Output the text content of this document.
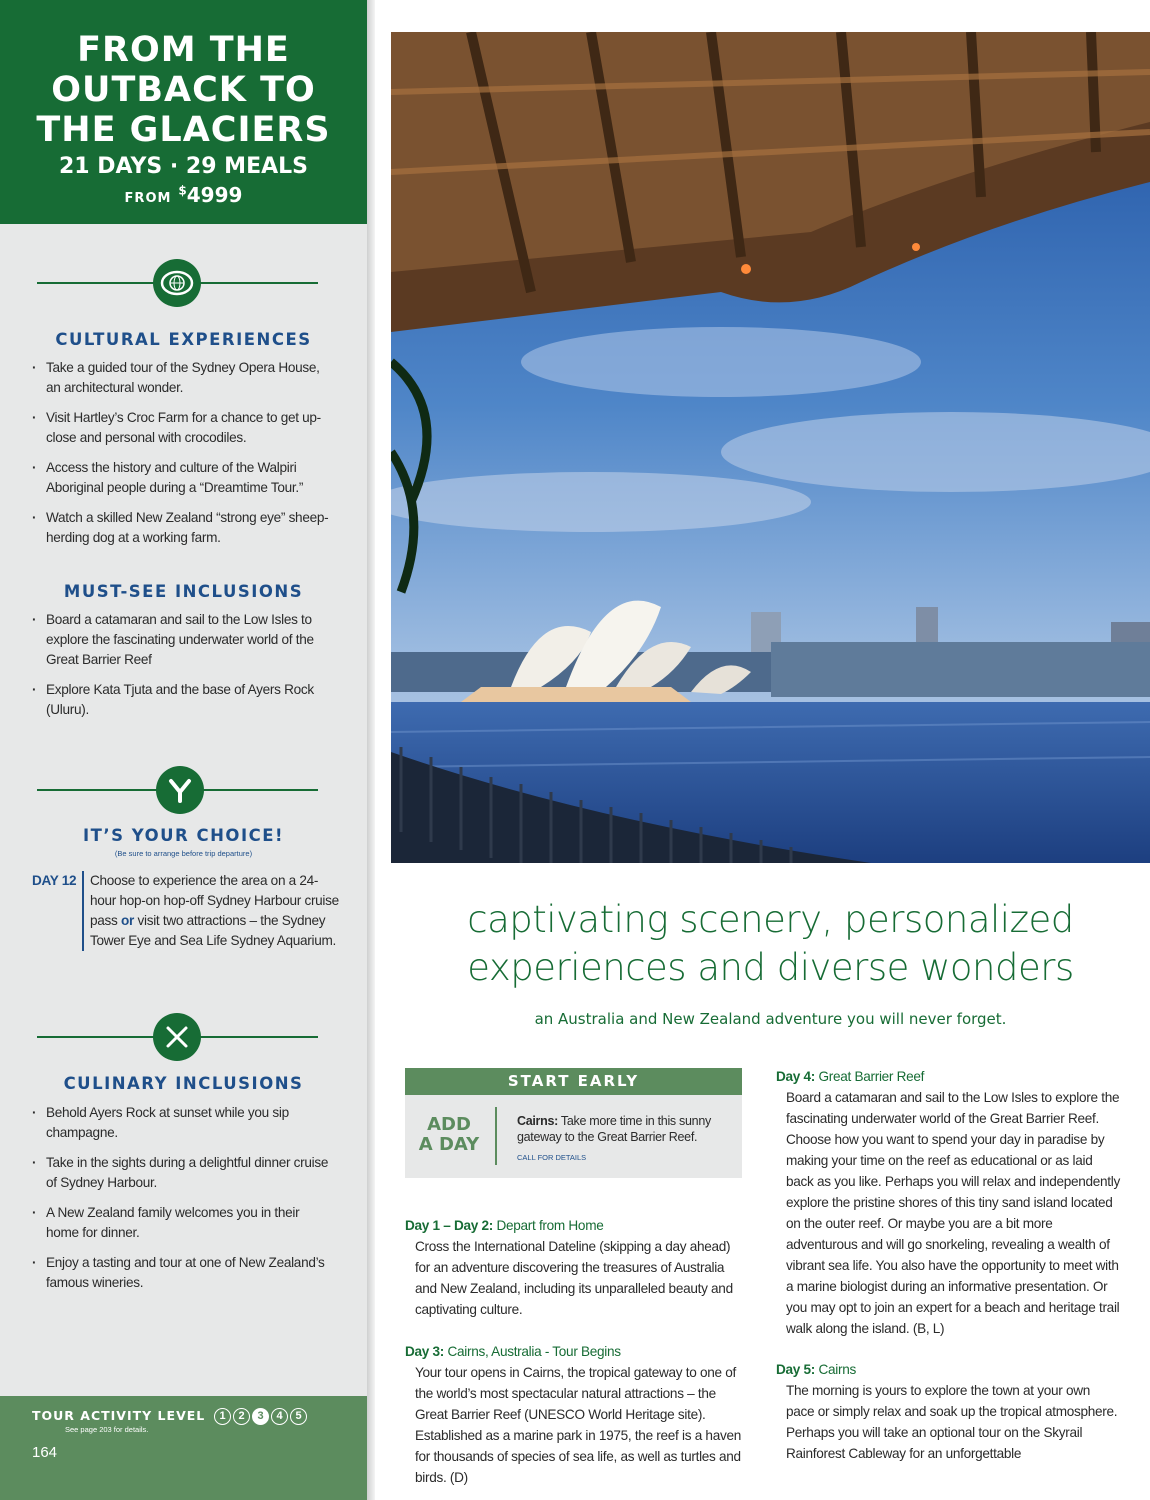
FROM THE
OUTBACK TO
THE GLACIERS
21 DAYS · 29 MEALS
FROM $4999
CULTURAL EXPERIENCES
· Take a guided tour of the Sydney Opera House, an architectural wonder.
· Visit Hartley’s Croc Farm for a chance to get up-close and personal with crocodiles.
· Access the history and culture of the Walpiri Aboriginal people during a “Dreamtime Tour.”
· Watch a skilled New Zealand “strong eye” sheep-herding dog at a working farm.
MUST-SEE INCLUSIONS
· Board a catamaran and sail to the Low Isles to explore the fascinating underwater world of the Great Barrier Reef
· Explore Kata Tjuta and the base of Ayers Rock (Uluru).
IT’S YOUR CHOICE!
(Be sure to arrange before trip departure)
DAY 12	Choose to experience the area on a 24-hour hop-on hop-off Sydney Harbour cruise pass or visit two attractions – the Sydney Tower Eye and Sea Life Sydney Aquarium.
CULINARY INCLUSIONS
· Behold Ayers Rock at sunset while you sip champagne.
· Take in the sights during a delightful dinner cruise of Sydney Harbour.
· A New Zealand family welcomes you in their home for dinner.
· Enjoy a tasting and tour at one of New Zealand’s famous wineries.
TOUR ACTIVITY LEVEL
See page 203 for details.
1	2	3	4	5
164
captivating scenery, personalized
experiences and diverse wonders
an Australia and New Zealand adventure you will never forget.
START EARLY
ADD
A DAY
Cairns: Take more time in this sunny gateway to the Great Barrier Reef.
CALL FOR DETAILS
Day 1 – Day 2: Depart from Home
Cross the International Dateline (skipping a day ahead) for an adventure discovering the treasures of Australia and New Zealand, including its unparalleled beauty and captivating culture.
Day 3: Cairns, Australia - Tour Begins
Your tour opens in Cairns, the tropical gateway to one of the world’s most spectacular natural attractions – the Great Barrier Reef (UNESCO World Heritage site). Established as a marine park in 1975, the reef is a haven for thousands of species of sea life, as well as turtles and birds. (D)
Day 4: Great Barrier Reef
Board a catamaran and sail to the Low Isles to explore the fascinating underwater world of the Great Barrier Reef. Choose how you want to spend your day in paradise by making your time on the reef as educational or as laid back as you like. Perhaps you will relax and independently explore the pristine shores of this tiny sand island located on the outer reef. Or maybe you are a bit more adventurous and will go snorkeling, revealing a wealth of vibrant sea life. You also have the opportunity to meet with a marine biologist during an informative presentation. Or you may opt to join an expert for a beach and heritage trail walk along the island. (B, L)
Day 5: Cairns
The morning is yours to explore the town at your own pace or simply relax and soak up the tropical atmosphere. Perhaps you will take an optional tour on the Skyrail Rainforest Cableway for an unforgettable
